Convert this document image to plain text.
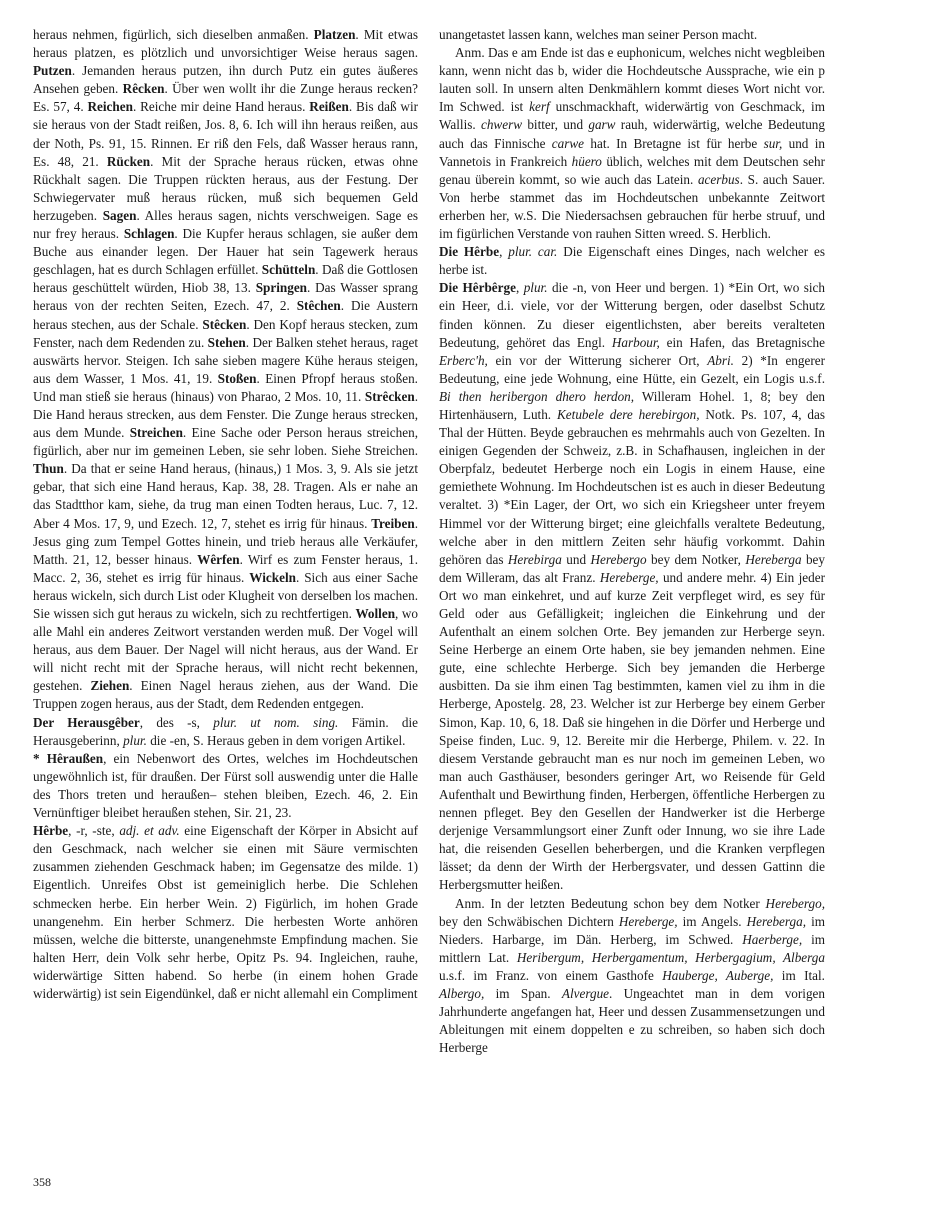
heraus nehmen, figürlich, sich dieselben anmaßen. Platzen. Mit etwas heraus platzen, es plötzlich und unvorsichtiger Weise heraus sagen. Putzen. Jemanden heraus putzen, ihn durch Putz ein gutes äußeres Ansehen geben. Rêcken. Über wen wollt ihr die Zunge heraus recken? Es. 57, 4. Reichen. Reiche mir deine Hand heraus. Reißen. Bis daß wir sie heraus von der Stadt reißen, Jos. 8, 6. Ich will ihn heraus reißen, aus der Noth, Ps. 91, 15. Rinnen. Er riß den Fels, daß Wasser heraus rann, Es. 48, 21. Rücken. Mit der Sprache heraus rücken, etwas ohne Rückhalt sagen. Die Truppen rückten heraus, aus der Festung. Der Schwiegervater muß heraus rücken, muß sich bequemen Geld herzugeben. Sagen. Alles heraus sagen, nichts verschweigen. Sage es nur frey heraus. Schlagen. Die Kupfer heraus schlagen, sie außer dem Buche aus einander legen. Der Hauer hat sein Tagewerk heraus geschlagen, hat es durch Schlagen erfüllet. Schütteln. Daß die Gottlosen heraus geschüttelt würden, Hiob 38, 13. Springen. Das Wasser sprang heraus von der rechten Seiten, Ezech. 47, 2. Stêchen. Die Austern heraus stechen, aus der Schale. Stêcken. Den Kopf heraus stecken, zum Fenster, nach dem Redenden zu. Stehen. Der Balken stehet heraus, raget auswärts hervor. Steigen. Ich sahe sieben magere Kühe heraus steigen, aus dem Wasser, 1 Mos. 41, 19. Stoßen. Einen Pfropf heraus stoßen. Und man stieß sie heraus (hinaus) von Pharao, 2 Mos. 10, 11. Strêcken. Die Hand heraus strecken, aus dem Fenster. Die Zunge heraus strecken, aus dem Munde. Streichen. Eine Sache oder Person heraus streichen, figürlich, aber nur im gemeinen Leben, sie sehr loben. Siehe Streichen. Thun. Da that er seine Hand heraus, (hinaus,) 1 Mos. 3, 9. Als sie jetzt gebar, that sich eine Hand heraus, Kap. 38, 28. Tragen. Als er nahe an das Stadtthor kam, siehe, da trug man einen Todten heraus, Luc. 7, 12. Aber 4 Mos. 17, 9, und Ezech. 12, 7, stehet es irrig für hinaus. Treiben. Jesus ging zum Tempel Gottes hinein, und trieb heraus alle Verkäufer, Matth. 21, 12, besser hinaus. Wêrfen. Wirf es zum Fenster heraus, 1. Macc. 2, 36, stehet es irrig für hinaus. Wickeln. Sich aus einer Sache heraus wickeln, sich durch List oder Klugheit von derselben los machen. Sie wissen sich gut heraus zu wickeln, sich zu rechtfertigen. Wollen, wo alle Mahl ein anderes Zeitwort verstanden werden muß. Der Vogel will heraus, aus dem Bauer. Der Nagel will nicht heraus, aus der Wand. Er will nicht recht mit der Sprache heraus, will nicht recht bekennen, gestehen. Ziehen. Einen Nagel heraus ziehen, aus der Wand. Die Truppen zogen heraus, aus der Stadt, dem Redenden entgegen.

Der Herausgêber, des -s, plur. ut nom. sing. Fämin. die Herausgeberinn, plur. die -en, S. Heraus geben in dem vorigen Artikel.

* Hêraußen, ein Nebenwort des Ortes, welches im Hochdeutschen ungewöhnlich ist, für draußen. Der Fürst soll auswendig unter die Halle des Thors treten und heraußen– stehen bleiben, Ezech. 46, 2. Ein Vernünftiger bleibet heraußen stehen, Sir. 21, 23.

Hêrbe, -r, -ste, adj. et adv. eine Eigenschaft der Körper in Absicht auf den Geschmack, nach welcher sie einen mit Säure vermischten zusammen ziehenden Geschmack haben; im Gegensatze des milde. 1) Eigentlich. Unreifes Obst ist gemeiniglich herbe. Die Schlehen schmecken herbe. Ein herber Wein. 2) Figürlich, im hohen Grade unangenehm. Ein herber Schmerz. Die herbesten Worte anhören müssen, welche die bitterste, unangenehmste Empfindung machen. Sie halten Herr, dein Volk sehr herbe, Opitz Ps. 94. Ingleichen, rauhe, widerwärtige Sitten habend. So herbe (in einem hohen Grade widerwärtig) ist sein Eigendünkel, daß er nicht allemahl ein Compliment

unangetastet lassen kann, welches man seiner Person macht.

Anm. Das e am Ende ist das e euphonicum, welches nicht wegbleiben kann, wenn nicht das b, wider die Hochdeutsche Aussprache, wie ein p lauten soll. In unsern alten Denkmählern kommt dieses Wort nicht vor. Im Schwed. ist kerf unschmackhaft, widerwärtig von Geschmack, im Wallis. chwerw bitter, und garw rauh, widerwärtig, welche Bedeutung auch das Finnische carwe hat. In Bretagne ist für herbe sur, und in Vannetois in Frankreich hüero üblich, welches mit dem Deutschen sehr genau überein kommt, so wie auch das Latein. acerbus. S. auch Sauer. Von herbe stammet das im Hochdeutschen unbekannte Zeitwort erherben her, w.S. Die Niedersachsen gebrauchen für herbe struuf, und im figürlichen Verstande von rauhen Sitten wreed. S. Herblich.

Die Hêrbe, plur. car. Die Eigenschaft eines Dinges, nach welcher es herbe ist.

Die Hêrbêrge, plur. die -n, von Heer und bergen. 1) *Ein Ort, wo sich ein Heer, d.i. viele, vor der Witterung bergen, oder daselbst Schutz finden können. Zu dieser eigentlichsten, aber bereits veralteten Bedeutung, gehöret das Engl. Harbour, ein Hafen, das Bretagnische Erberc'h, ein vor der Witterung sicherer Ort, Abri. 2) *In engerer Bedeutung, eine jede Wohnung, eine Hütte, ein Gezelt, ein Logis u.s.f. Bi then heribergon dhero herdon, Willeram Hohel. 1, 8; bey den Hirtenhäusern, Luth. Ketubele dere herebirgon, Notk. Ps. 107, 4, das Thal der Hütten. Beyde gebrauchen es mehrmahls auch von Gezelten. In einigen Gegenden der Schweiz, z.B. in Schafhausen, ingleichen in der Oberpfalz, bedeutet Herberge noch ein Logis in einem Hause, eine gemiethete Wohnung. Im Hochdeutschen ist es auch in dieser Bedeutung veraltet. 3) *Ein Lager, der Ort, wo sich ein Kriegsheer unter freyem Himmel vor der Witterung birget; eine gleichfalls veraltete Bedeutung, welche aber in den mittlern Zeiten sehr häufig vorkommt. Dahin gehören das Herebirga und Herebergo bey dem Notker, Hereberga bey dem Willeram, das alt Franz. Hereberge, und andere mehr. 4) Ein jeder Ort wo man einkehret, und auf kurze Zeit verpfleget wird, es sey für Geld oder aus Gefälligkeit; ingleichen die Einkehrung und der Aufenthalt an einem solchen Orte. Bey jemanden zur Herberge seyn. Seine Herberge an einem Orte haben, sie bey jemanden nehmen. Eine gute, eine schlechte Herberge. Sich bey jemanden die Herberge ausbitten. Da sie ihm einen Tag bestimmten, kamen viel zu ihm in die Herberge, Apostelg. 28, 23. Welcher ist zur Herberge bey einem Gerber Simon, Kap. 10, 6, 18. Daß sie hingehen in die Dörfer und Herberge und Speise finden, Luc. 9, 12. Bereite mir die Herberge, Philem. v. 22. In diesem Verstande gebraucht man es nur noch im gemeinen Leben, wo man auch Gasthäuser, besonders geringer Art, wo Reisende für Geld Aufenthalt und Bewirthung finden, Herbergen, öffentliche Herbergen zu nennen pfleget. Bey den Gesellen der Handwerker ist die Herberge derjenige Versammlungsort einer Zunft oder Innung, wo sie ihre Lade hat, die reisenden Gesellen beherbergen, und die Kranken verpflegen lässet; da denn der Wirth der Herbergsvater, und dessen Gattinn die Herbergsmutter heißen.

Anm. In der letzten Bedeutung schon bey dem Notker Herebergo, bey den Schwäbischen Dichtern Hereberge, im Angels. Hereberga, im Nieders. Harbarge, im Dän. Herberg, im Schwed. Haerberge, im mittlern Lat. Heribergum, Herbergamentum, Herbergagium, Alberga u.s.f. im Franz. von einem Gasthofe Hauberge, Auberge, im Ital. Albergo, im Span. Alvergue. Ungeachtet man in dem vorigen Jahrhunderte angefangen hat, Heer und dessen Zusammensetzungen und Ableitungen mit einem doppelten e zu schreiben, so haben sich doch Herberge

358
